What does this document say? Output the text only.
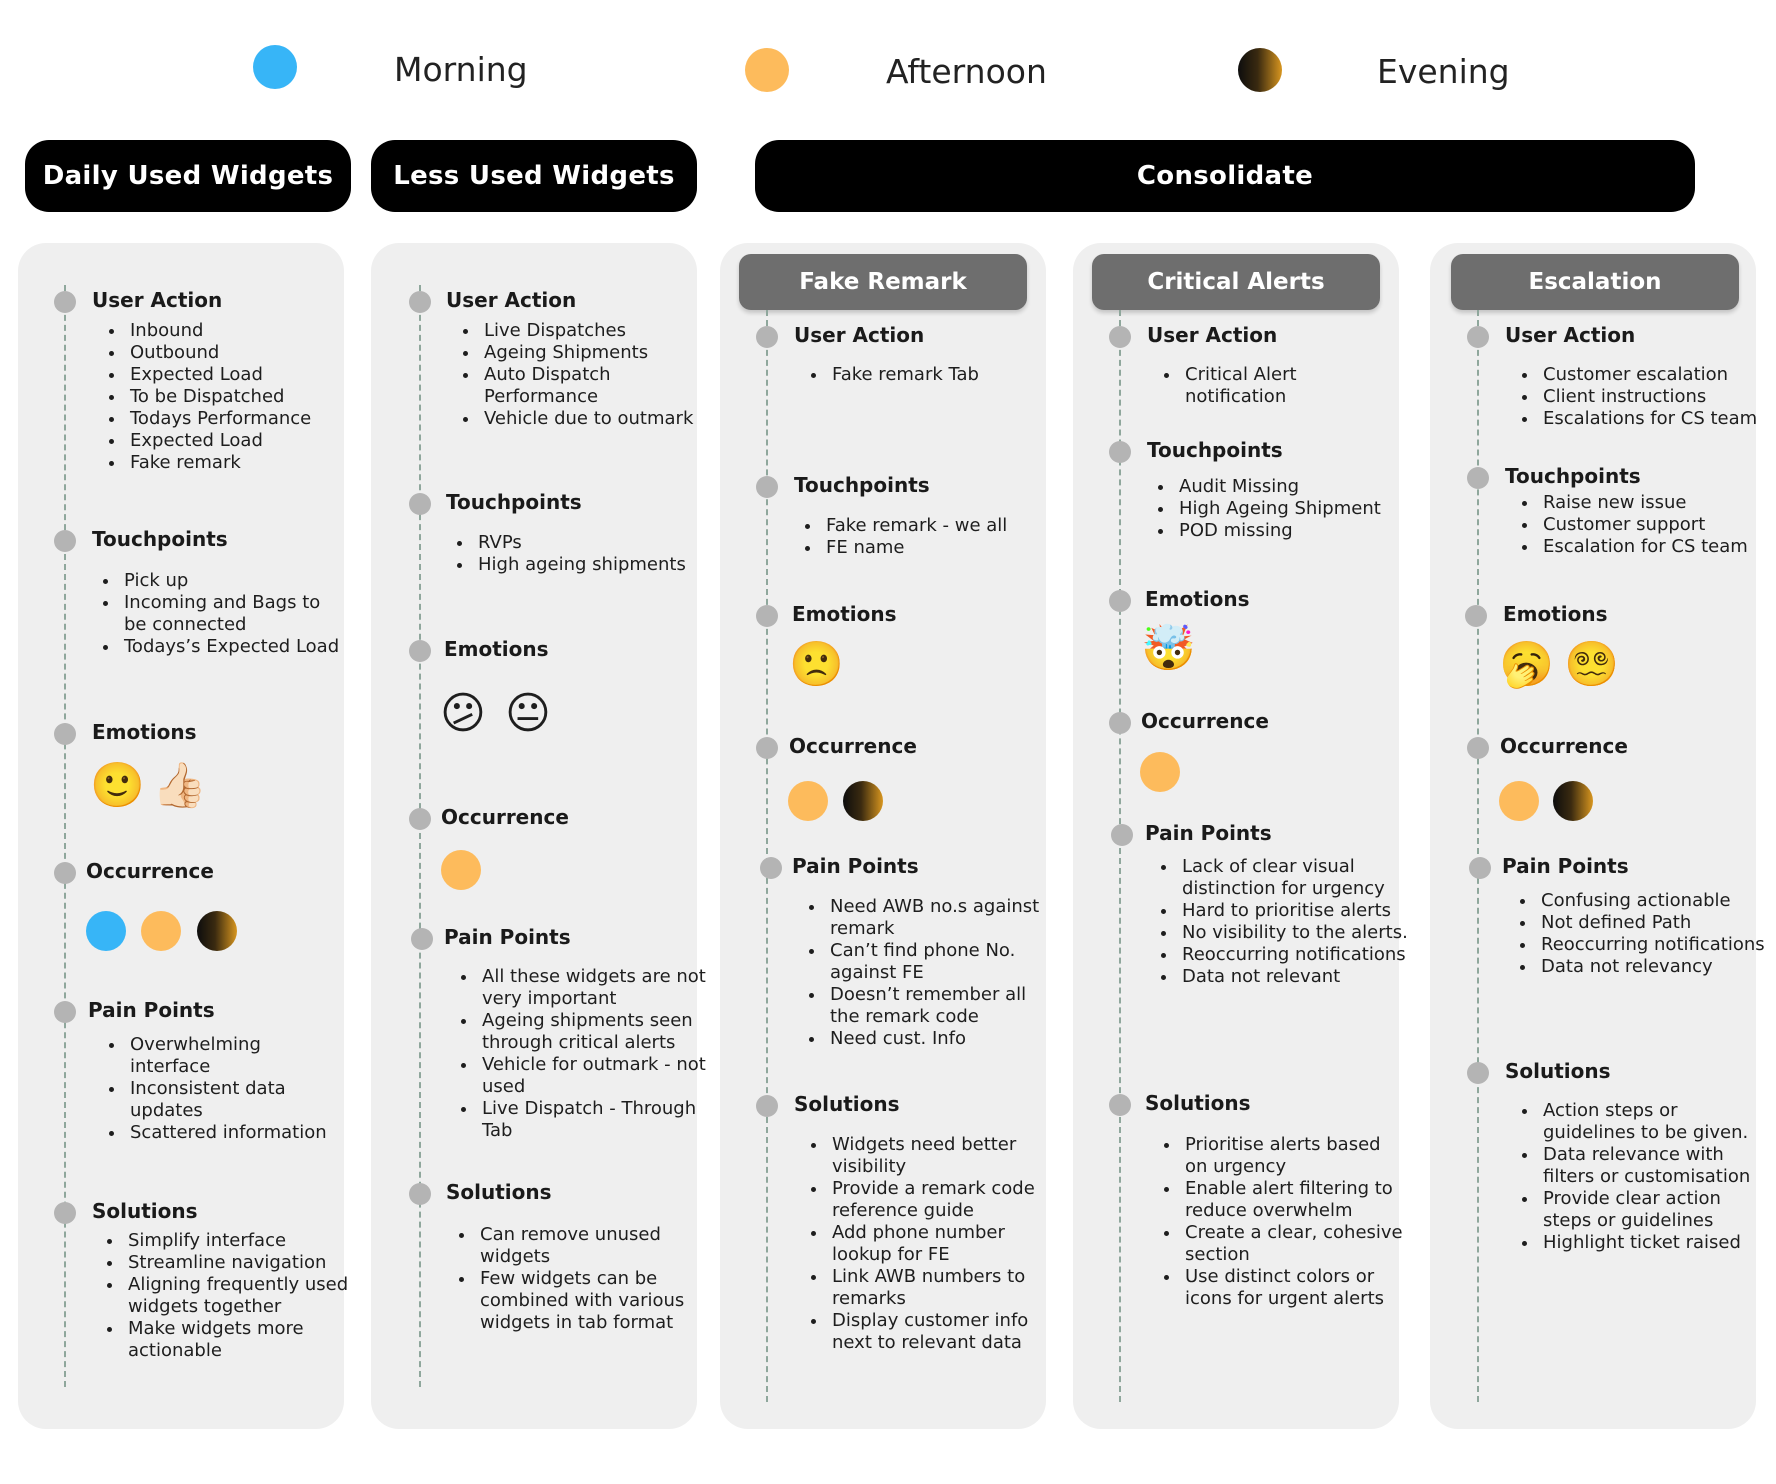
Morning	Afternoon	Evening
Daily Used Widgets	Less Used Widgets	Consolidate
User Action
• Inbound
• Outbound
• Expected Load
• To be Dispatched
• Todays Performance
• Expected Load
• Fake remark
Touchpoints
• Pick up
• Incoming and Bags to be connected
• Todays’s Expected Load
Emotions
🙂 👍🏻
Occurrence
Pain Points
• Overwhelming interface
• Inconsistent data updates
• Scattered information
Solutions
• Simplify interface
• Streamline navigation
• Aligning frequently used widgets together
• Make widgets more actionable
User Action
• Live Dispatches
• Ageing Shipments
• Auto Dispatch Performance
• Vehicle due to outmark
Touchpoints
• RVPs
• High ageing shipments
Emotions
😕 😐
Occurrence
Pain Points
• All these widgets are not very important
• Ageing shipments seen through critical alerts
• Vehicle for outmark - not used
• Live Dispatch - Through Tab
Solutions
• Can remove unused widgets
• Few widgets can be combined with various widgets in tab format
Fake Remark
User Action
• Fake remark Tab
Touchpoints
• Fake remark - we all
• FE name
Emotions
🙁
Occurrence
Pain Points
• Need AWB no.s against remark
• Can’t find phone No. against FE
• Doesn’t remember all the remark code
• Need cust. Info
Solutions
• Widgets need better visibility
• Provide a remark code reference guide
• Add phone number lookup for FE
• Link AWB numbers to remarks
• Display customer info next to relevant data
Critical Alerts
User Action
• Critical Alert notification
Touchpoints
• Audit Missing
• High Ageing Shipment
• POD missing
Emotions
🤯
Occurrence
Pain Points
• Lack of clear visual distinction for urgency
• Hard to prioritise alerts
• No visibility to the alerts.
• Reoccurring notifications
• Data not relevant
Solutions
• Prioritise alerts based on urgency
• Enable alert filtering to reduce overwhelm
• Create a clear, cohesive section
• Use distinct colors or icons for urgent alerts
Escalation
User Action
• Customer escalation
• Client instructions
• Escalations for CS team
Touchpoints
• Raise new issue
• Customer support
• Escalation for CS team
Emotions
🥱 😵‍💫
Occurrence
Pain Points
• Confusing actionable
• Not defined Path
• Reoccurring notifications
• Data not relevancy
Solutions
• Action steps or guidelines to be given.
• Data relevance with filters or customisation
• Provide clear action steps or guidelines
• Highlight ticket raised
